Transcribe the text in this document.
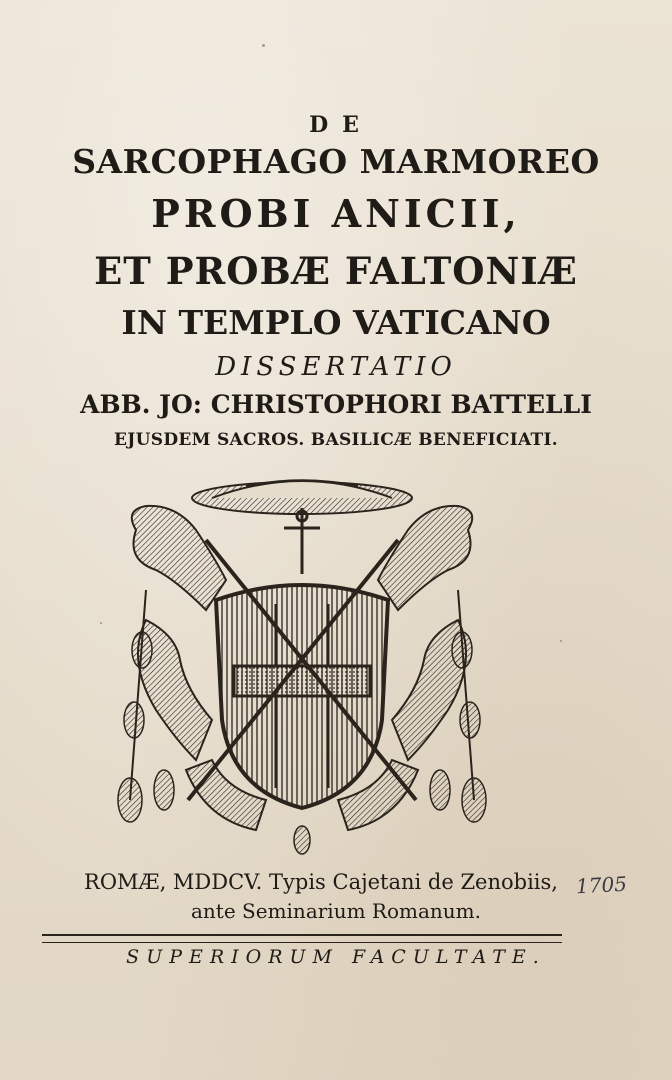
DE
SARCOPHAGO MARMOREO
PROBI ANICII,
ET PROBÆ FALTONIÆ
IN TEMPLO VATICANO
DISSERTATIO
ABB. JO: CHRISTOPHORI BATTELLI
EJUSDEM SACROS. BASILICÆ BENEFICIATI.
ROMÆ, MDDCV. Typis Cajetani de Zenobiis, 1705
ante Seminarium Romanum.
SUPERIORUM FACULTATE.
